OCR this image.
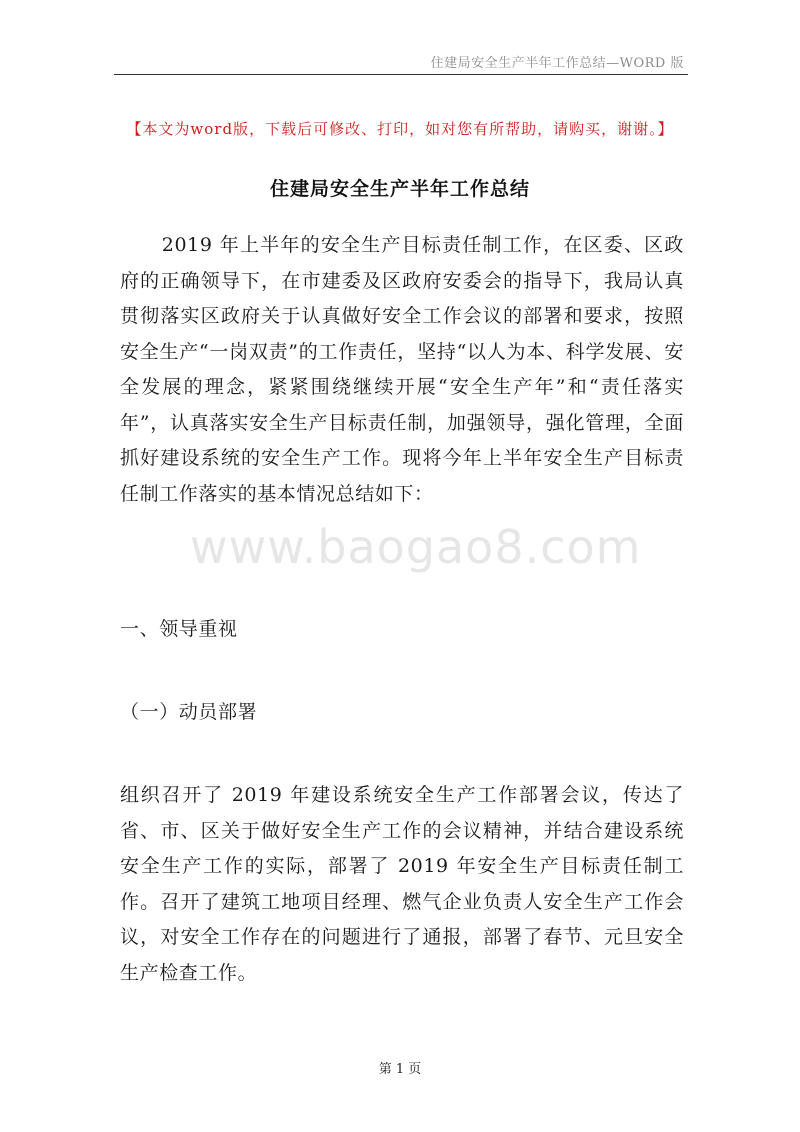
住建局安全生产半年工作总结—WORD 版
【本文为word版，下载后可修改、打印，如对您有所帮助，请购买，谢谢。】
www.baogao8.com
住建局安全生产半年工作总结

2019 年上半年的安全生产目标责任制工作，在区委、区政府的正确领导下，在市建委及区政府安委会的指导下，我局认真贯彻落实区政府关于认真做好安全工作会议的部署和要求，按照安全生产“一岗双责”的工作责任，坚持“以人为本、科学发展、安全发展的理念，紧紧围绕继续开展“安全生产年”和“责任落实年”，认真落实安全生产目标责任制，加强领导，强化管理，全面抓好建设系统的安全生产工作。现将今年上半年安全生产目标责任制工作落实的基本情况总结如下：

一、领导重视

（一）动员部署

组织召开了 2019 年建设系统安全生产工作部署会议，传达了省、市、区关于做好安全生产工作的会议精神，并结合建设系统安全生产工作的实际，部署了 2019 年安全生产目标责任制工作。召开了建筑工地项目经理、燃气企业负责人安全生产工作会议，对安全工作存在的问题进行了通报，部署了春节、元旦安全生产检查工作。

第 1 页
